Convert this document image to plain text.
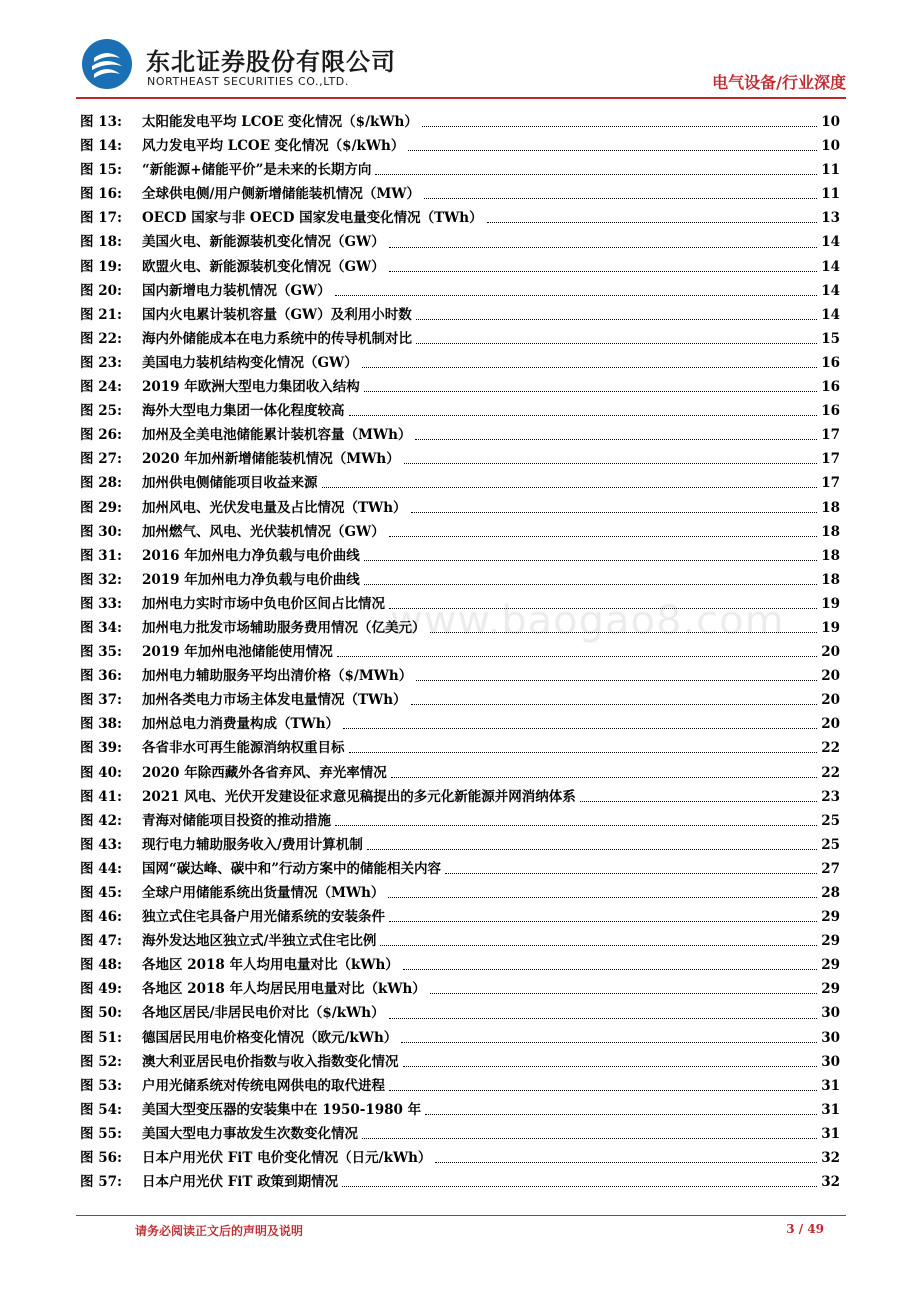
东北证券股份有限公司
NORTHEAST SECURITIES CO.,LTD.	电气设备/行业深度
图 13:	太阳能发电平均 LCOE 变化情况（$/kWh）	10
图 14:	风力发电平均 LCOE 变化情况（$/kWh）	10
图 15:	“新能源+储能平价”是未来的长期方向	11
图 16:	全球供电侧/用户侧新增储能装机情况（MW）	11
图 17:	OECD 国家与非 OECD 国家发电量变化情况（TWh）	13
图 18:	美国火电、新能源装机变化情况（GW）	14
图 19:	欧盟火电、新能源装机变化情况（GW）	14
图 20:	国内新增电力装机情况（GW）	14
图 21:	国内火电累计装机容量（GW）及利用小时数	14
图 22:	海内外储能成本在电力系统中的传导机制对比	15
图 23:	美国电力装机结构变化情况（GW）	16
图 24:	2019 年欧洲大型电力集团收入结构	16
图 25:	海外大型电力集团一体化程度较高	16
图 26:	加州及全美电池储能累计装机容量（MWh）	17
图 27:	2020 年加州新增储能装机情况（MWh）	17
图 28:	加州供电侧储能项目收益来源	17
图 29:	加州风电、光伏发电量及占比情况（TWh）	18
图 30:	加州燃气、风电、光伏装机情况（GW）	18
图 31:	2016 年加州电力净负载与电价曲线	18
图 32:	2019 年加州电力净负载与电价曲线	18
图 33:	加州电力实时市场中负电价区间占比情况	19
图 34:	加州电力批发市场辅助服务费用情况（亿美元）	19
图 35:	2019 年加州电池储能使用情况	20
图 36:	加州电力辅助服务平均出清价格（$/MWh）	20
图 37:	加州各类电力市场主体发电量情况（TWh）	20
图 38:	加州总电力消费量构成（TWh）	20
图 39:	各省非水可再生能源消纳权重目标	22
图 40:	2020 年除西藏外各省弃风、弃光率情况	22
图 41:	2021 风电、光伏开发建设征求意见稿提出的多元化新能源并网消纳体系	23
图 42:	青海对储能项目投资的推动措施	25
图 43:	现行电力辅助服务收入/费用计算机制	25
图 44:	国网“碳达峰、碳中和”行动方案中的储能相关内容	27
图 45:	全球户用储能系统出货量情况（MWh）	28
图 46:	独立式住宅具备户用光储系统的安装条件	29
图 47:	海外发达地区独立式/半独立式住宅比例	29
图 48:	各地区 2018 年人均用电量对比（kWh）	29
图 49:	各地区 2018 年人均居民用电量对比（kWh）	29
图 50:	各地区居民/非居民电价对比（$/kWh）	30
图 51:	德国居民用电价格变化情况（欧元/kWh）	30
图 52:	澳大利亚居民电价指数与收入指数变化情况	30
图 53:	户用光储系统对传统电网供电的取代进程	31
图 54:	美国大型变压器的安装集中在 1950-1980 年	31
图 55:	美国大型电力事故发生次数变化情况	31
图 56:	日本户用光伏 FiT 电价变化情况（日元/kWh）	32
图 57:	日本户用光伏 FiT 政策到期情况	32
www.baogao8.com
请务必阅读正文后的声明及说明	3 / 49
